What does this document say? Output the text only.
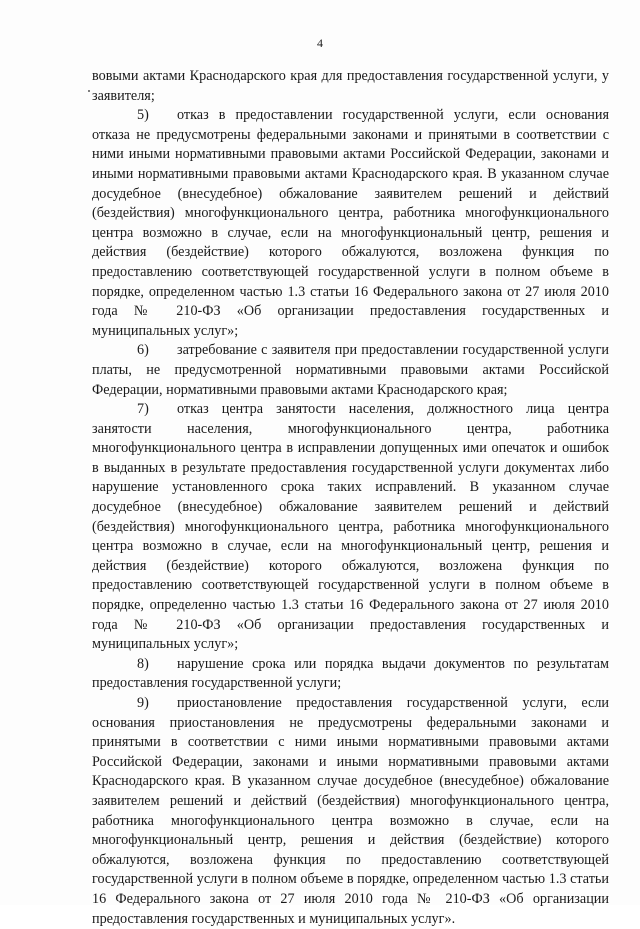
4

вовыми актами Краснодарского края для предоставления государственной услуги, у заявителя;

5) отказ в предоставлении государственной услуги, если основания отказа не предусмотрены федеральными законами и принятыми в соответствии с ними иными нормативными правовыми актами Российской Федерации, законами и иными нормативными правовыми актами Краснодарского края. В указанном случае досудебное (внесудебное) обжалование заявителем решений и действий (бездействия) многофункционального центра, работника многофункционального центра возможно в случае, если на многофункциональный центр, решения и действия (бездействие) которого обжалуются, возложена функция по предоставлению соответствующей государственной услуги в полном объеме в порядке, определенном частью 1.3 статьи 16 Федерального закона от 27 июля 2010 года № 210-ФЗ «Об организации предоставления государственных и муниципальных услуг»;

6) затребование с заявителя при предоставлении государственной услуги платы, не предусмотренной нормативными правовыми актами Российской Федерации, нормативными правовыми актами Краснодарского края;

7) отказ центра занятости населения, должностного лица центра занятости населения, многофункционального центра, работника многофункционального центра в исправлении допущенных ими опечаток и ошибок в выданных в результате предоставления государственной услуги документах либо нарушение установленного срока таких исправлений. В указанном случае досудебное (внесудебное) обжалование заявителем решений и действий (бездействия) многофункционального центра, работника многофункционального центра возможно в случае, если на многофункциональный центр, решения и действия (бездействие) которого обжалуются, возложена функция по предоставлению соответствующей государственной услуги в полном объеме в порядке, определенно частью 1.3 статьи 16 Федерального закона от 27 июля 2010 года № 210-ФЗ «Об организации предоставления государственных и муниципальных услуг»;

8) нарушение срока или порядка выдачи документов по результатам предоставления государственной услуги;

9) приостановление предоставления государственной услуги, если основания приостановления не предусмотрены федеральными законами и принятыми в соответствии с ними иными нормативными правовыми актами Российской Федерации, законами и иными нормативными правовыми актами Краснодарского края. В указанном случае досудебное (внесудебное) обжалование заявителем решений и действий (бездействия) многофункционального центра, работника многофункционального центра возможно в случае, если на многофункциональный центр, решения и действия (бездействие) которого обжалуются, возложена функция по предоставлению соответствующей государственной услуги в полном объеме в порядке, определенном частью 1.3 статьи 16 Федерального закона от 27 июля 2010 года № 210-ФЗ «Об организации предоставления государственных и муниципальных услуг».
